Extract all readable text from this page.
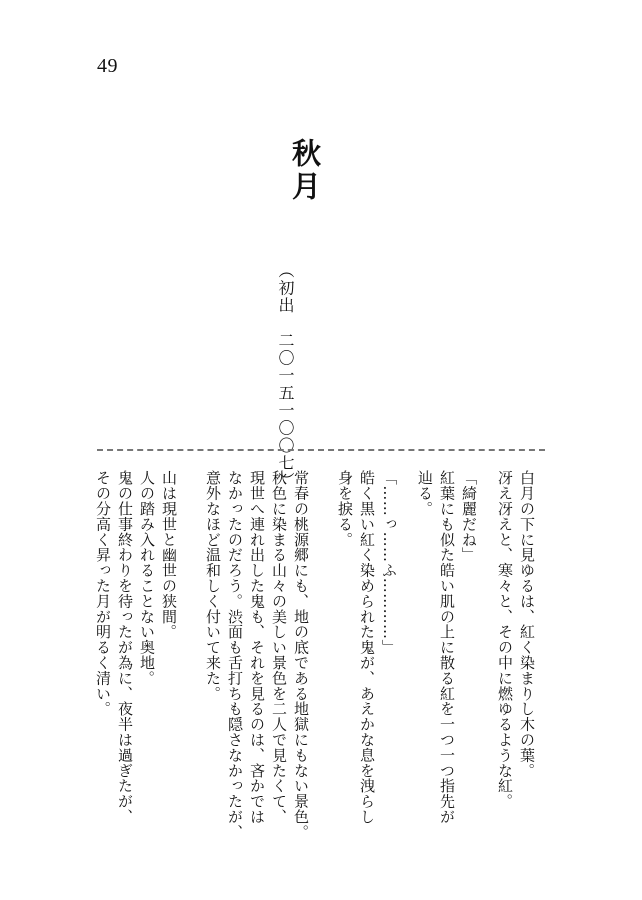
49
秋月
（初出　二〇一五一〇〇七）
白月の下に見ゆるは、紅く染まりし木の葉。
冴え冴えと、寒々と、その中に燃ゆるような紅。
「綺麗だね」
紅葉にも似た皓い肌の上に散る紅を一つ一つ指先が
辿る。
「……っ……ふ…………」
皓く黒い紅く染められた鬼が、あえかな息を洩らし
身を捩る。
常春の桃源郷にも、地の底である地獄にもない景色。
秋色に染まる山々の美しい景色を二人で見たくて、
現世へ連れ出した鬼も、それを見るのは、吝かでは
なかったのだろう。渋面も舌打ちも隠さなかったが、
意外なほど温和しく付いて来た。
山は現世と幽世の狭間。
人の踏み入れることない奥地。
鬼の仕事終わりを待ったが為に、夜半は過ぎたが、
その分高く昇った月が明るく清い。
